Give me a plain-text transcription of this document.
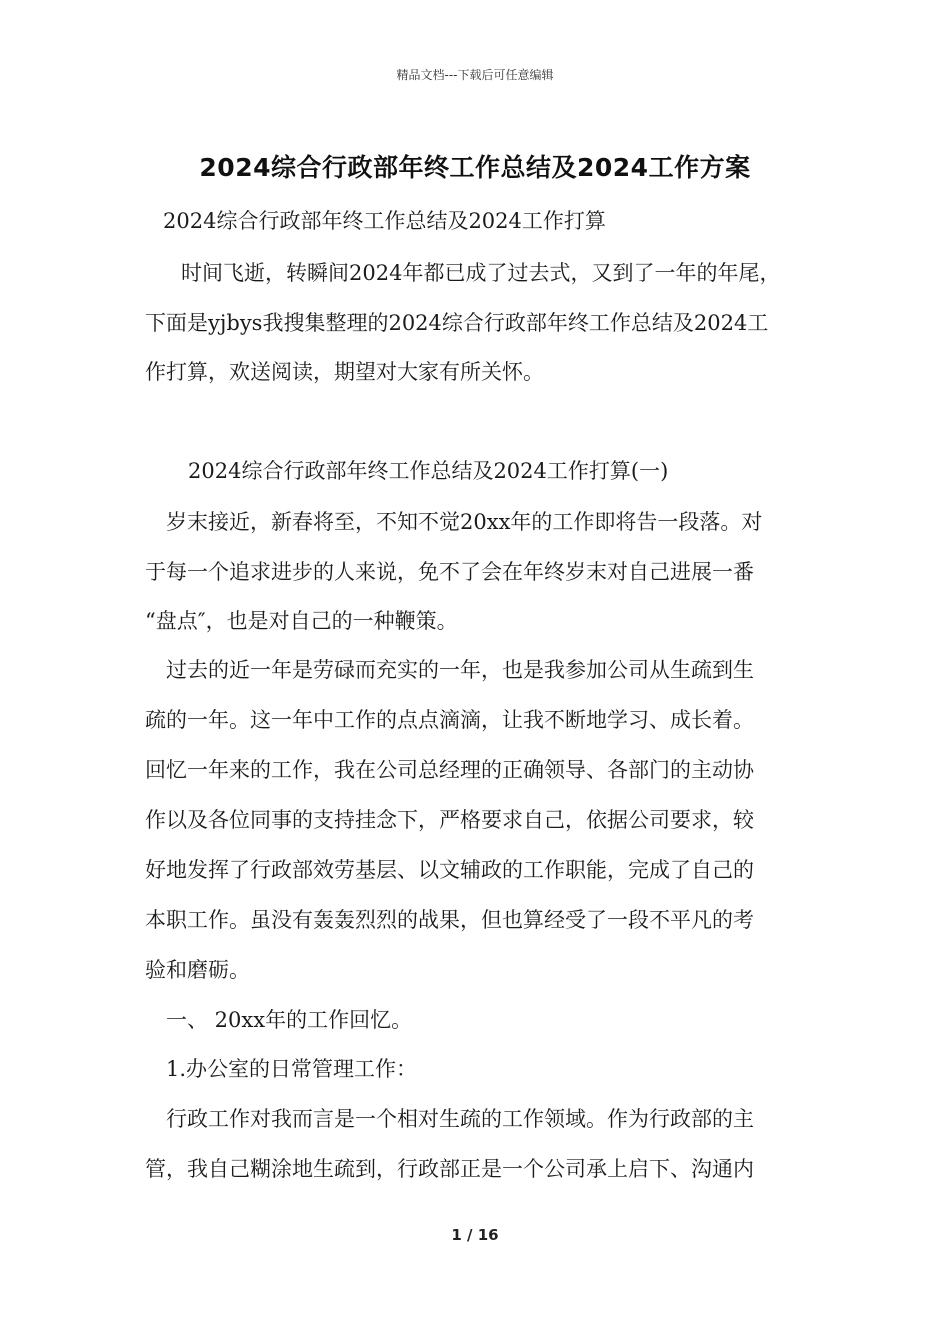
精品文档---下载后可任意编辑
2024综合行政部年终工作总结及2024工作方案
2024综合行政部年终工作总结及2024工作打算
时间飞逝，转瞬间2024年都已成了过去式，又到了一年的年尾，
下面是yjbys我搜集整理的2024综合行政部年终工作总结及2024工
作打算，欢送阅读，期望对大家有所关怀。
2024综合行政部年终工作总结及2024工作打算(一)
岁末接近，新春将至，不知不觉20xx年的工作即将告一段落。对
于每一个追求进步的人来说，免不了会在年终岁末对自己进展一番
“盘点″，也是对自己的一种鞭策。
过去的近一年是劳碌而充实的一年，也是我参加公司从生疏到生
疏的一年。这一年中工作的点点滴滴，让我不断地学习、成长着。
回忆一年来的工作，我在公司总经理的正确领导、各部门的主动协
作以及各位同事的支持挂念下，严格要求自己，依据公司要求，较
好地发挥了行政部效劳基层、以文辅政的工作职能，完成了自己的
本职工作。虽没有轰轰烈烈的战果，但也算经受了一段不平凡的考
验和磨砺。
一、 20xx年的工作回忆。
1.办公室的日常管理工作：
行政工作对我而言是一个相对生疏的工作领域。作为行政部的主
管，我自己糊涂地生疏到，行政部正是一个公司承上启下、沟通内
1 / 16
